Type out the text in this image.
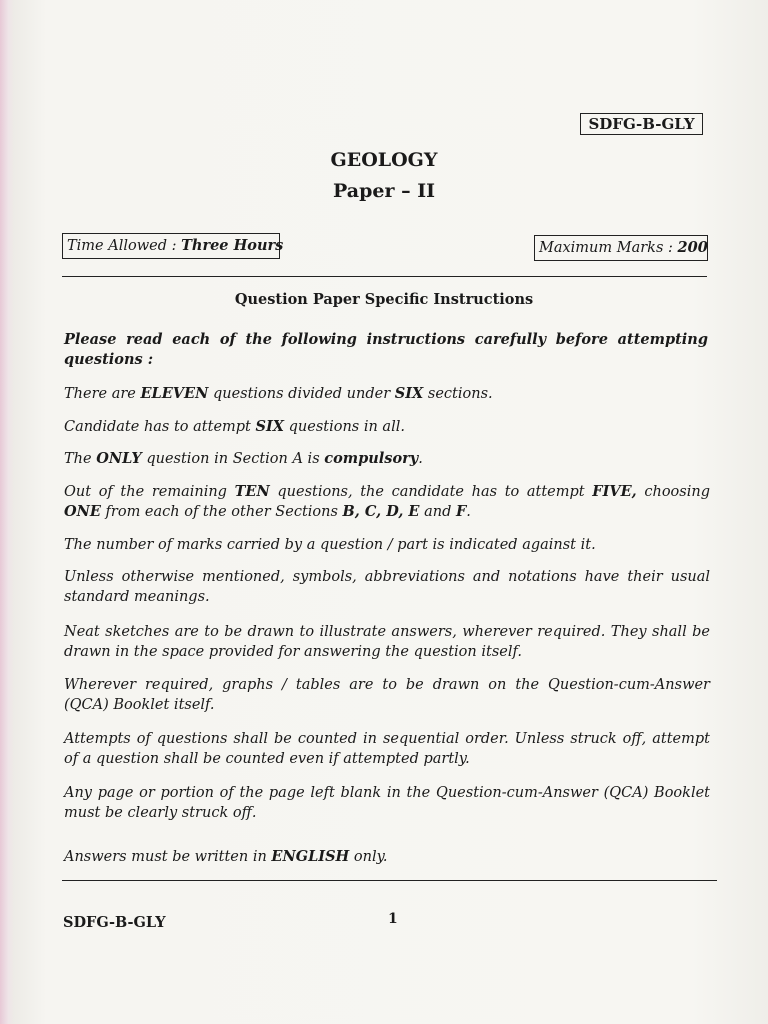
SDFG-B-GLY
GEOLOGY
Paper – II
Time Allowed : Three Hours	Maximum Marks : 200
Question Paper Specific Instructions
Please read each of the following instructions carefully before attempting questions :
There are ELEVEN questions divided under SIX sections.
Candidate has to attempt SIX questions in all.
The ONLY question in Section A is compulsory.
Out of the remaining TEN questions, the candidate has to attempt FIVE, choosing ONE from each of the other Sections B, C, D, E and F.
The number of marks carried by a question / part is indicated against it.
Unless otherwise mentioned, symbols, abbreviations and notations have their usual standard meanings.
Neat sketches are to be drawn to illustrate answers, wherever required. They shall be drawn in the space provided for answering the question itself.
Wherever required, graphs / tables are to be drawn on the Question-cum-Answer (QCA) Booklet itself.
Attempts of questions shall be counted in sequential order. Unless struck off, attempt of a question shall be counted even if attempted partly.
Any page or portion of the page left blank in the Question-cum-Answer (QCA) Booklet must be clearly struck off.
Answers must be written in ENGLISH only.
SDFG-B-GLY	1
